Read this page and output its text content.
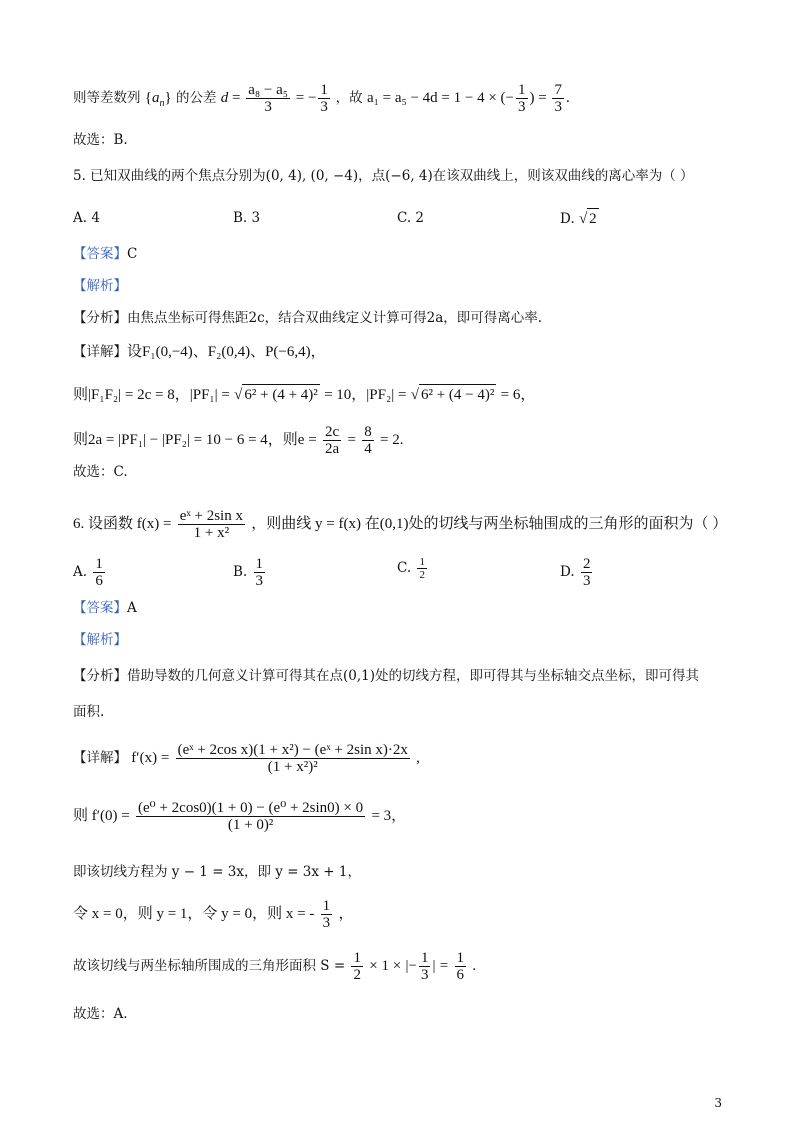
则等差数列 $\{a_n\}$ 的公差 $d = \frac{\text{a₈ − a₅}}{3}$ = − $\frac{1}{3}$ ，故 a₁ = a₅ − 4d = 1 − 4 × (− $\frac{1}{3}$ ) = $\frac{7}{3}$ .
故选：B.
5. 已知双曲线的两个焦点分别为(0, 4), (0, −4)，点(−6, 4)在该双曲线上，则该双曲线的离心率为（ ）
A. 4	B. 3	C. 2	D. √ 2
【答案】C
【解析】
【分析】由焦点坐标可得焦距2c，结合双曲线定义计算可得2a，即可得离心率.
【详解】设F₁(0,−4)、F₂(0,4)、P(−6,4)，
则|F₁F₂| = 2c = 8，|PF₁| = √ 6² + (4 + 4)² = 10，|PF₂| = √ 6² + (4 − 4)² = 6，
则2a = |PF₁| − |PF₂| = 10 − 6 = 4，则$e = \frac{2c}{2a} = \frac{8}{4} = 2$.
故选：C.
6. 设函数 $f(x) = \frac{\text{eˣ + 2sin x}}{\text{1 + x²}}$ ，则曲线 y = f(x) 在(0,1)处的切线与两坐标轴围成的三角形的面积为（ ）
A. $\frac{1}{6}$	B. $\frac{1}{3}$	C. $\frac{1}{2}$	D. $\frac{2}{3}$
【答案】A
【解析】
【分析】借助导数的几何意义计算可得其在点(0,1)处的切线方程，即可得其与坐标轴交点坐标，即可得其
面积.
【详解】 $f'(x) = \frac{\text{(eˣ + 2cos x)(1 + x²) − (eˣ + 2sin x)·2x}}{\text{(1 + x²)²}}$ ,
则 $f'(0) = \frac{\text{(e⁰ + 2cos0)(1 + 0) − (e⁰ + 2sin0) × 0}}{\text{(1 + 0)²}} = 3$，
即该切线方程为 y − 1 = 3x，即 y = 3x + 1，
令 x = 0，则 y = 1，令 y = 0，则 x = - $\frac{1}{3}$ ，
故该切线与两坐标轴所围成的三角形面积 $S = \frac{1}{2} \times 1$ × |− $\frac{1}{3}$ | = $\frac{1}{6}$ .
故选：A.
3
